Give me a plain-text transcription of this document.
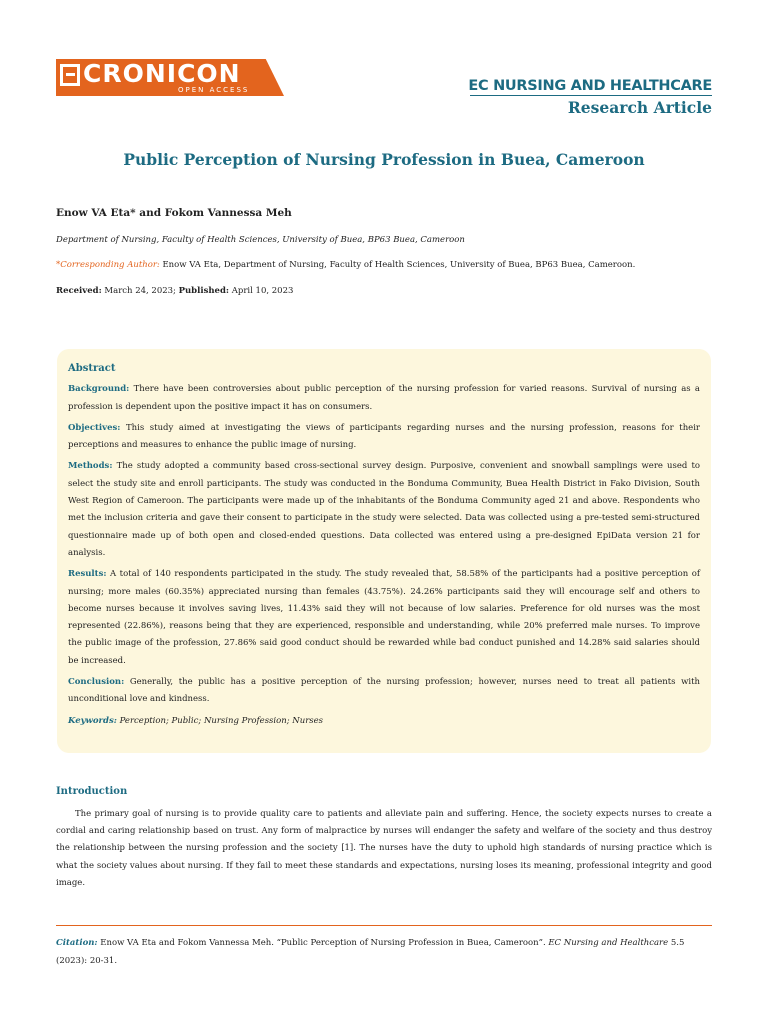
CRONICON
OPEN ACCESS	EC NURSING AND HEALTHCARE
Research Article
Public Perception of Nursing Profession in Buea, Cameroon
Enow VA Eta* and Fokom Vannessa Meh
Department of Nursing, Faculty of Health Sciences, University of Buea, BP63 Buea, Cameroon
*Corresponding Author: Enow VA Eta, Department of Nursing, Faculty of Health Sciences, University of Buea, BP63 Buea, Cameroon.
Received: March 24, 2023; Published: April 10, 2023
Abstract

Background: There have been controversies about public perception of the nursing profession for varied reasons. Survival of nursing as a profession is dependent upon the positive impact it has on consumers.

Objectives: This study aimed at investigating the views of participants regarding nurses and the nursing profession, reasons for their perceptions and measures to enhance the public image of nursing.

Methods: The study adopted a community based cross-sectional survey design. Purposive, convenient and snowball samplings were used to select the study site and enroll participants. The study was conducted in the Bonduma Community, Buea Health District in Fako Division, South West Region of Cameroon. The participants were made up of the inhabitants of the Bonduma Community aged 21 and above. Respondents who met the inclusion criteria and gave their consent to participate in the study were selected. Data was collected using a pre-tested semi-structured questionnaire made up of both open and closed-ended questions. Data collected was entered using a pre-designed EpiData version 21 for analysis.

Results: A total of 140 respondents participated in the study. The study revealed that, 58.58% of the participants had a positive perception of nursing; more males (60.35%) appreciated nursing than females (43.75%). 24.26% participants said they will encourage self and others to become nurses because it involves saving lives, 11.43% said they will not because of low salaries. Preference for old nurses was the most represented (22.86%), reasons being that they are experienced, responsible and understanding, while 20% preferred male nurses. To improve the public image of the profession, 27.86% said good conduct should be rewarded while bad conduct punished and 14.28% said salaries should be increased.

Conclusion: Generally, the public has a positive perception of the nursing profession; however, nurses need to treat all patients with unconditional love and kindness.

Keywords: Perception; Public; Nursing Profession; Nurses

Introduction

The primary goal of nursing is to provide quality care to patients and alleviate pain and suffering. Hence, the society expects nurses to create a cordial and caring relationship based on trust. Any form of malpractice by nurses will endanger the safety and welfare of the society and thus destroy the relationship between the nursing profession and the society [1]. The nurses have the duty to uphold high standards of nursing practice which is what the society values about nursing. If they fail to meet these standards and expectations, nursing loses its meaning, professional integrity and good image.

Citation: Enow VA Eta and Fokom Vannessa Meh. “Public Perception of Nursing Profession in Buea, Cameroon”. EC Nursing and Healthcare 5.5 (2023): 20-31.
